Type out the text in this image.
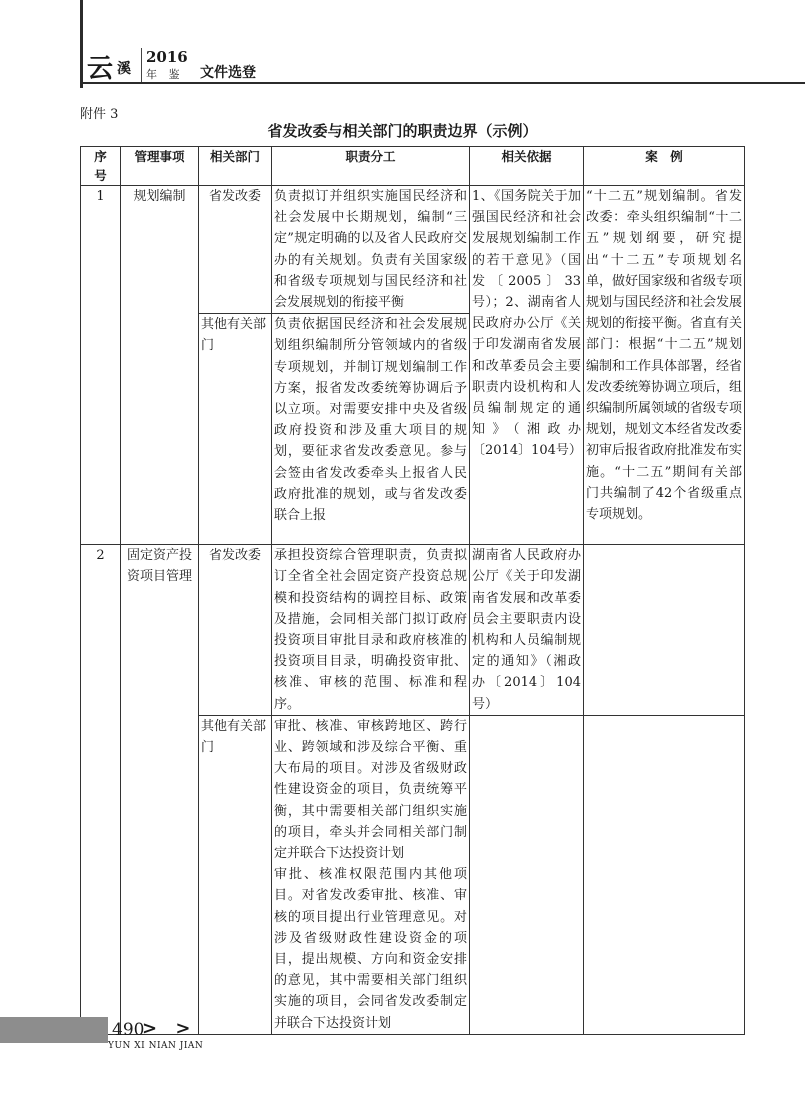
云 溪
2016
年 鉴 文件选登
附件 3
省发改委与相关部门的职责边界（示例）
序　号	管理事项	相关部门	职责分工	相关依据	案　例
1	规划编制	省发改委	负责拟订并组织实施国民经济和社会发展中长期规划，编制“三定”规定明确的以及省人民政府交办的有关规划。负责有关国家级和省级专项规划与国民经济和社会发展规划的衔接平衡	1、《国务院关于加强国民经济和社会发展规划编制工作的若干意见》（国发〔2005〕33号）；2、湖南省人民政府办公厅《关于印发湖南省发展和改革委员会主要职责内设机构和人员编制规定的通知》（湘政办〔2014〕104号）	“十二五”规划编制。省发改委：牵头组织编制“十二五”规划纲要，研究提出“十二五”专项规划名单，做好国家级和省级专项规划与国民经济和社会发展规划的衔接平衡。省直有关部门：根据“十二五”规划编制和工作具体部署，经省发改委统筹协调立项后，组织编制所属领域的省级专项规划，规划文本经省发改委初审后报省政府批准发布实施。“十二五”期间有关部门共编制了42个省级重点专项规划。
		其他有关部门	负责依据国民经济和社会发展规划组织编制所分管领域内的省级专项规划，并制订规划编制工作方案，报省发改委统筹协调后予以立项。对需要安排中央及省级政府投资和涉及重大项目的规划，要征求省发改委意见。参与会签由省发改委牵头上报省人民政府批准的规划，或与省发改委联合上报		
2	固定资产投资项目管理	省发改委	承担投资综合管理职责，负责拟订全省全社会固定资产投资总规模和投资结构的调控目标、政策及措施，会同相关部门拟订政府投资项目审批目录和政府核准的投资项目目录，明确投资审批、核准、审核的范围、标准和程序。	湖南省人民政府办公厅《关于印发湖南省发展和改革委员会主要职责内设机构和人员编制规定的通知》（湘政办〔2014〕104号）	
		其他有关部门	审批、核准、审核跨地区、跨行业、跨领域和涉及综合平衡、重大布局的项目。对涉及省级财政性建设资金的项目，负责统筹平衡，其中需要相关部门组织实施的项目，牵头并会同相关部门制定并联合下达投资计划
审批、核准权限范围内其他项目。对省发改委审批、核准、审核的项目提出行业管理意见。对涉及省级财政性建设资金的项目，提出规模、方向和资金安排的意见，其中需要相关部门组织实施的项目，会同省发改委制定并联合下达投资计划		
490
> >
YUN XI NIAN JIAN
